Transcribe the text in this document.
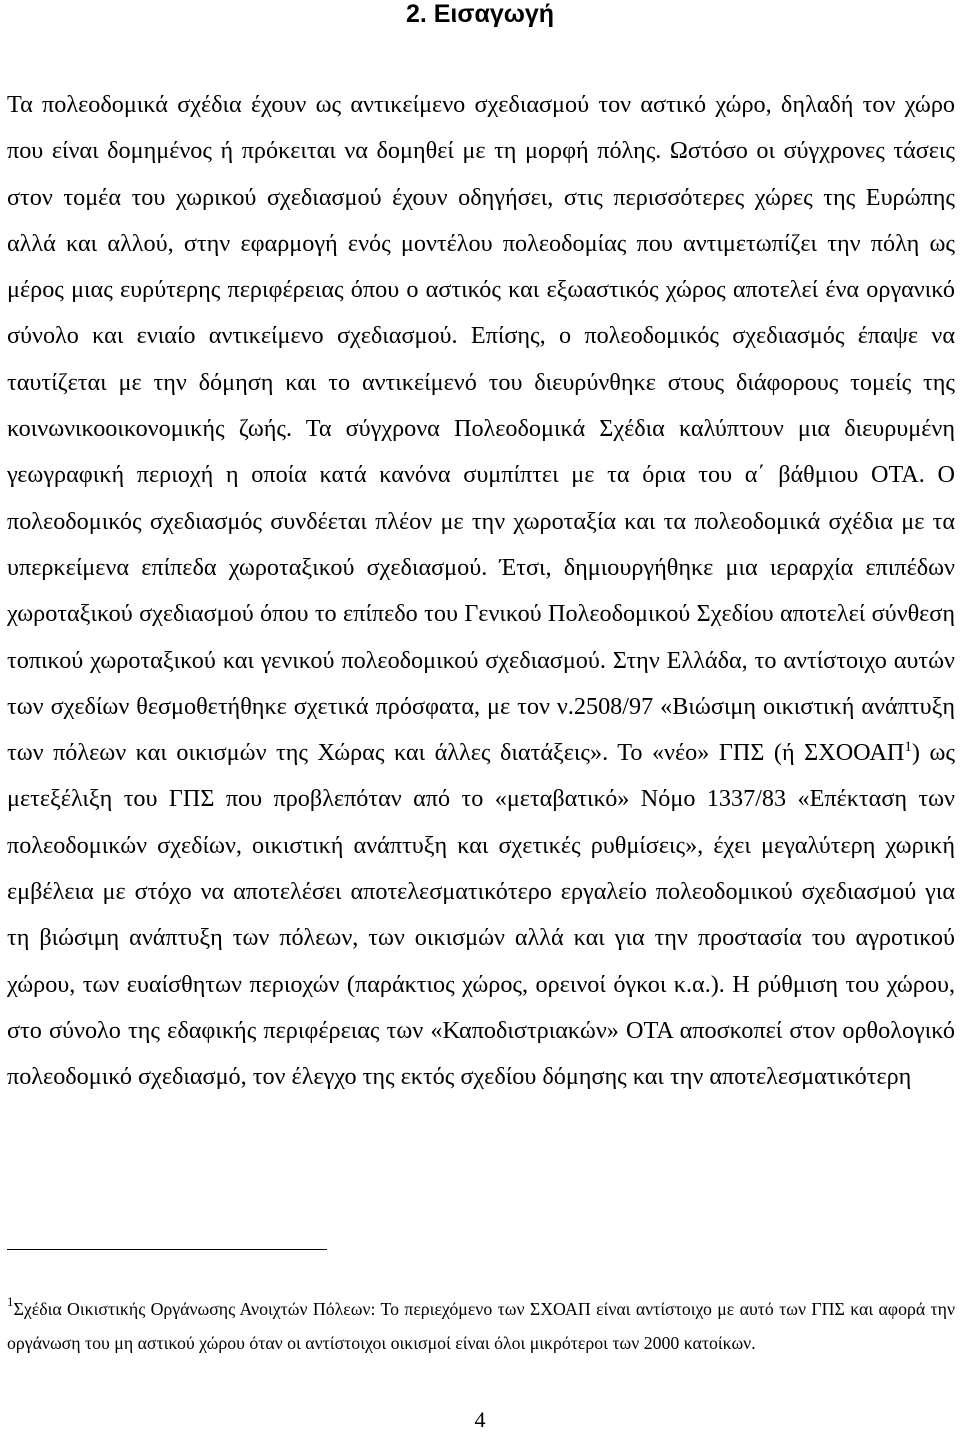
2. Εισαγωγή

Τα πολεοδομικά σχέδια έχουν ως αντικείμενο σχεδιασμού τον αστικό χώρο, δηλαδή τον χώρο που είναι δομημένος ή πρόκειται να δομηθεί με τη μορφή πόλης. Ωστόσο οι σύγχρονες τάσεις στον τομέα του χωρικού σχεδιασμού έχουν οδηγήσει, στις περισσότερες χώρες της Ευρώπης αλλά και αλλού, στην εφαρμογή ενός μοντέλου πολεοδομίας που αντιμετωπίζει την πόλη ως μέρος μιας ευρύτερης περιφέρειας όπου ο αστικός και εξωαστικός χώρος αποτελεί ένα οργανικό σύνολο και ενιαίο αντικείμενο σχεδιασμού. Επίσης, ο πολεοδομικός σχεδιασμός έπαψε να ταυτίζεται με την δόμηση και το αντικείμενό του διευρύνθηκε στους διάφορους τομείς της κοινωνικοοικονομικής ζωής. Τα σύγχρονα Πολεοδομικά Σχέδια καλύπτουν μια διευρυμένη γεωγραφική περιοχή η οποία κατά κανόνα συμπίπτει με τα όρια του α΄ βάθμιου ΟΤΑ. Ο πολεοδομικός σχεδιασμός συνδέεται πλέον με την χωροταξία και τα πολεοδομικά σχέδια με τα υπερκείμενα επίπεδα χωροταξικού σχεδιασμού. Έτσι, δημιουργήθηκε μια ιεραρχία επιπέδων χωροταξικού σχεδιασμού όπου το επίπεδο του Γενικού Πολεοδομικού Σχεδίου αποτελεί σύνθεση τοπικού χωροταξικού και γενικού πολεοδομικού σχεδιασμού. Στην Ελλάδα, το αντίστοιχο αυτών των σχεδίων θεσμοθετήθηκε σχετικά πρόσφατα, με τον ν.2508/97 «Βιώσιμη οικιστική ανάπτυξη των πόλεων και οικισμών της Χώρας και άλλες διατάξεις». Το «νέο» ΓΠΣ (ή ΣΧΟΟΑΠ$^1$) ως μετεξέλιξη του ΓΠΣ που προβλεπόταν από το «μεταβατικό» Νόμο 1337/83 «Επέκταση των πολεοδομικών σχεδίων, οικιστική ανάπτυξη και σχετικές ρυθμίσεις», έχει μεγαλύτερη χωρική εμβέλεια με στόχο να αποτελέσει αποτελεσματικότερο εργαλείο πολεοδομικού σχεδιασμού για τη βιώσιμη ανάπτυξη των πόλεων, των οικισμών αλλά και για την προστασία του αγροτικού χώρου, των ευαίσθητων περιοχών (παράκτιος χώρος, ορεινοί όγκοι κ.α.). Η ρύθμιση του χώρου, στο σύνολο της εδαφικής περιφέρειας των «Καποδιστριακών» ΟΤΑ αποσκοπεί στον ορθολογικό πολεοδομικό σχεδιασμό, τον έλεγχο της εκτός σχεδίου δόμησης και την αποτελεσματικότερη

$^1$Σχέδια Οικιστικής Οργάνωσης Ανοιχτών Πόλεων: Το περιεχόμενο των ΣΧΟΑΠ είναι αντίστοιχο με αυτό των ΓΠΣ και αφορά την οργάνωση του μη αστικού χώρου όταν οι αντίστοιχοι οικισμοί είναι όλοι μικρότεροι των 2000 κατοίκων.

4
